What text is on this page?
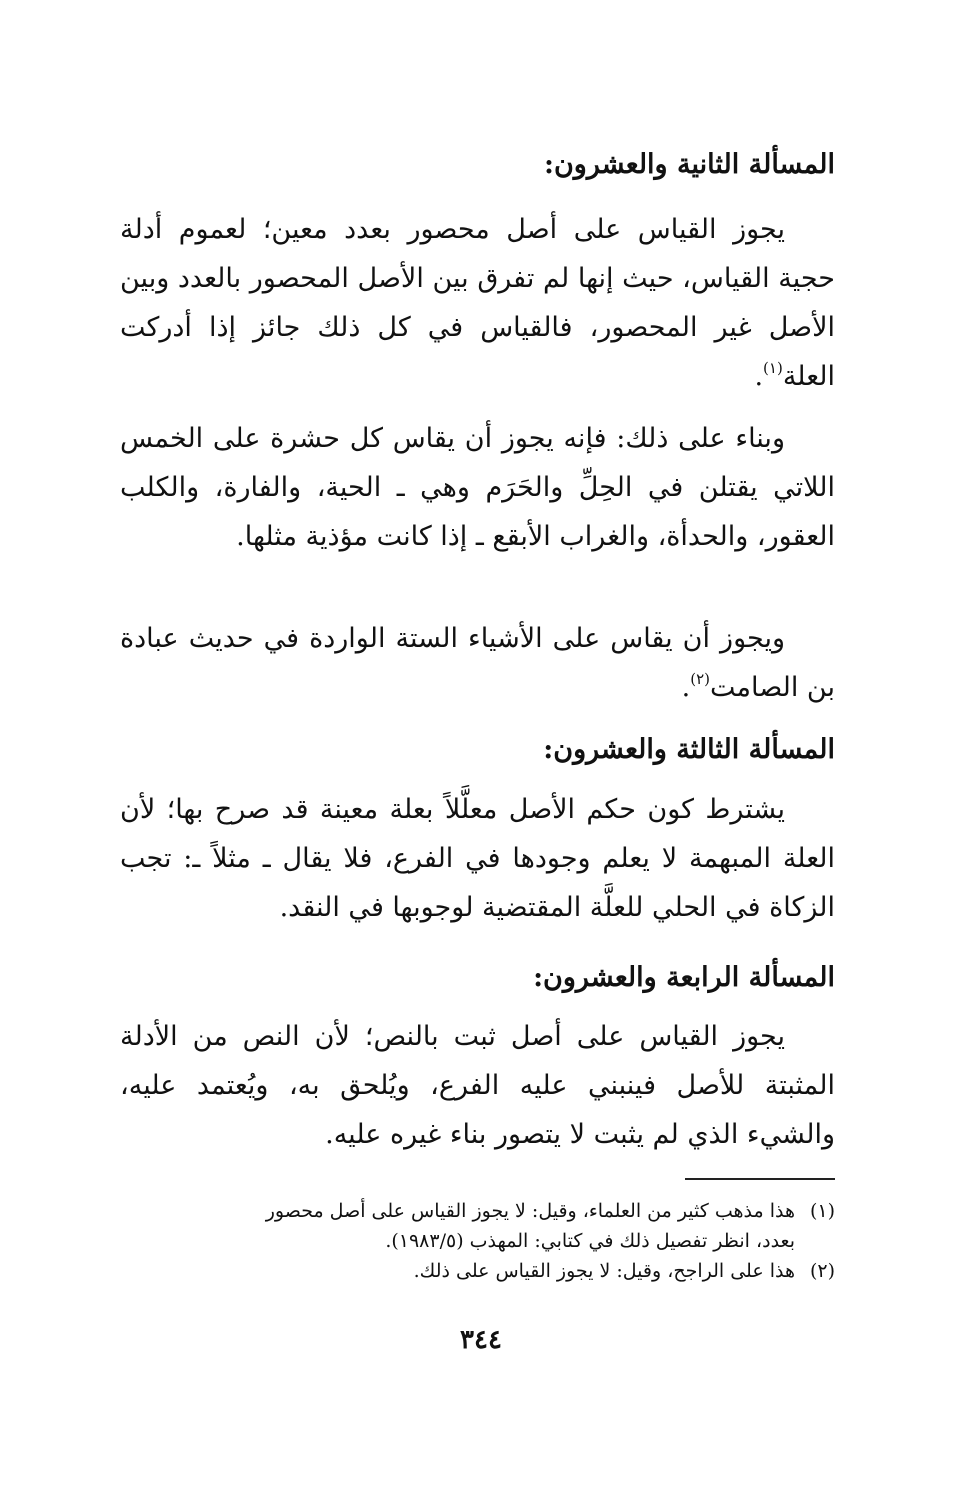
المسألة الثانية والعشرون:

يجوز القياس على أصل محصور بعدد معين؛ لعموم أدلة حجية القياس، حيث إنها لم تفرق بين الأصل المحصور بالعدد وبين الأصل غير المحصور، فالقياس في كل ذلك جائز إذا أدركت العلة$^{(١)}$.

وبناء على ذلك: فإنه يجوز أن يقاس كل حشرة على الخمس اللاتي يقتلن في الحِلِّ والحَرَم وهي ـ الحية، والفارة، والكلب العقور، والحدأة، والغراب الأبقع ـ إذا كانت مؤذية مثلها.

ويجوز أن يقاس على الأشياء الستة الواردة في حديث عبادة بن الصامت$^{(٢)}$.

المسألة الثالثة والعشرون:

يشترط كون حكم الأصل معلَّلاً بعلة معينة قد صرح بها؛ لأن العلة المبهمة لا يعلم وجودها في الفرع، فلا يقال ـ مثلاً ـ: تجب الزكاة في الحلي للعلَّة المقتضية لوجوبها في النقد.

المسألة الرابعة والعشرون:

يجوز القياس على أصل ثبت بالنص؛ لأن النص من الأدلة المثبتة للأصل فينبني عليه الفرع، ويُلحق به، ويُعتمد عليه، والشيء الذي لم يثبت لا يتصور بناء غيره عليه.

(١)هذا مذهب كثير من العلماء، وقيل: لا يجوز القياس على أصل محصور

بعدد، انظر تفصيل ذلك في كتابي: المهذب (١٩٨٣/٥).

(٢)هذا على الراجح، وقيل: لا يجوز القياس على ذلك.

٣٤٤
